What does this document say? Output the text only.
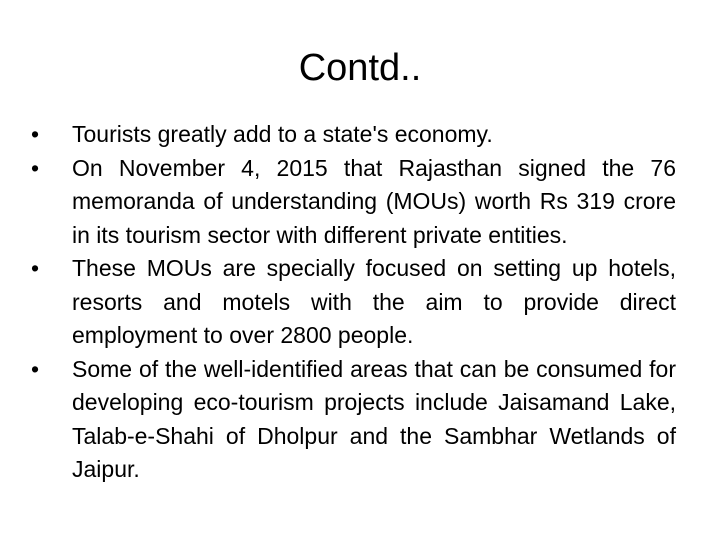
Contd..
• Tourists greatly add to a state's economy.
• On November 4, 2015 that Rajasthan signed the 76 memoranda of understanding (MOUs) worth Rs 319 crore in its tourism sector with different private entities.
• These MOUs are specially focused on setting up hotels, resorts and motels with the aim to provide direct employment to over 2800 people.
• Some of the well-identified areas that can be consumed for developing eco-tourism projects include Jaisamand Lake, Talab-e-Shahi of Dholpur and the Sambhar Wetlands of Jaipur.
